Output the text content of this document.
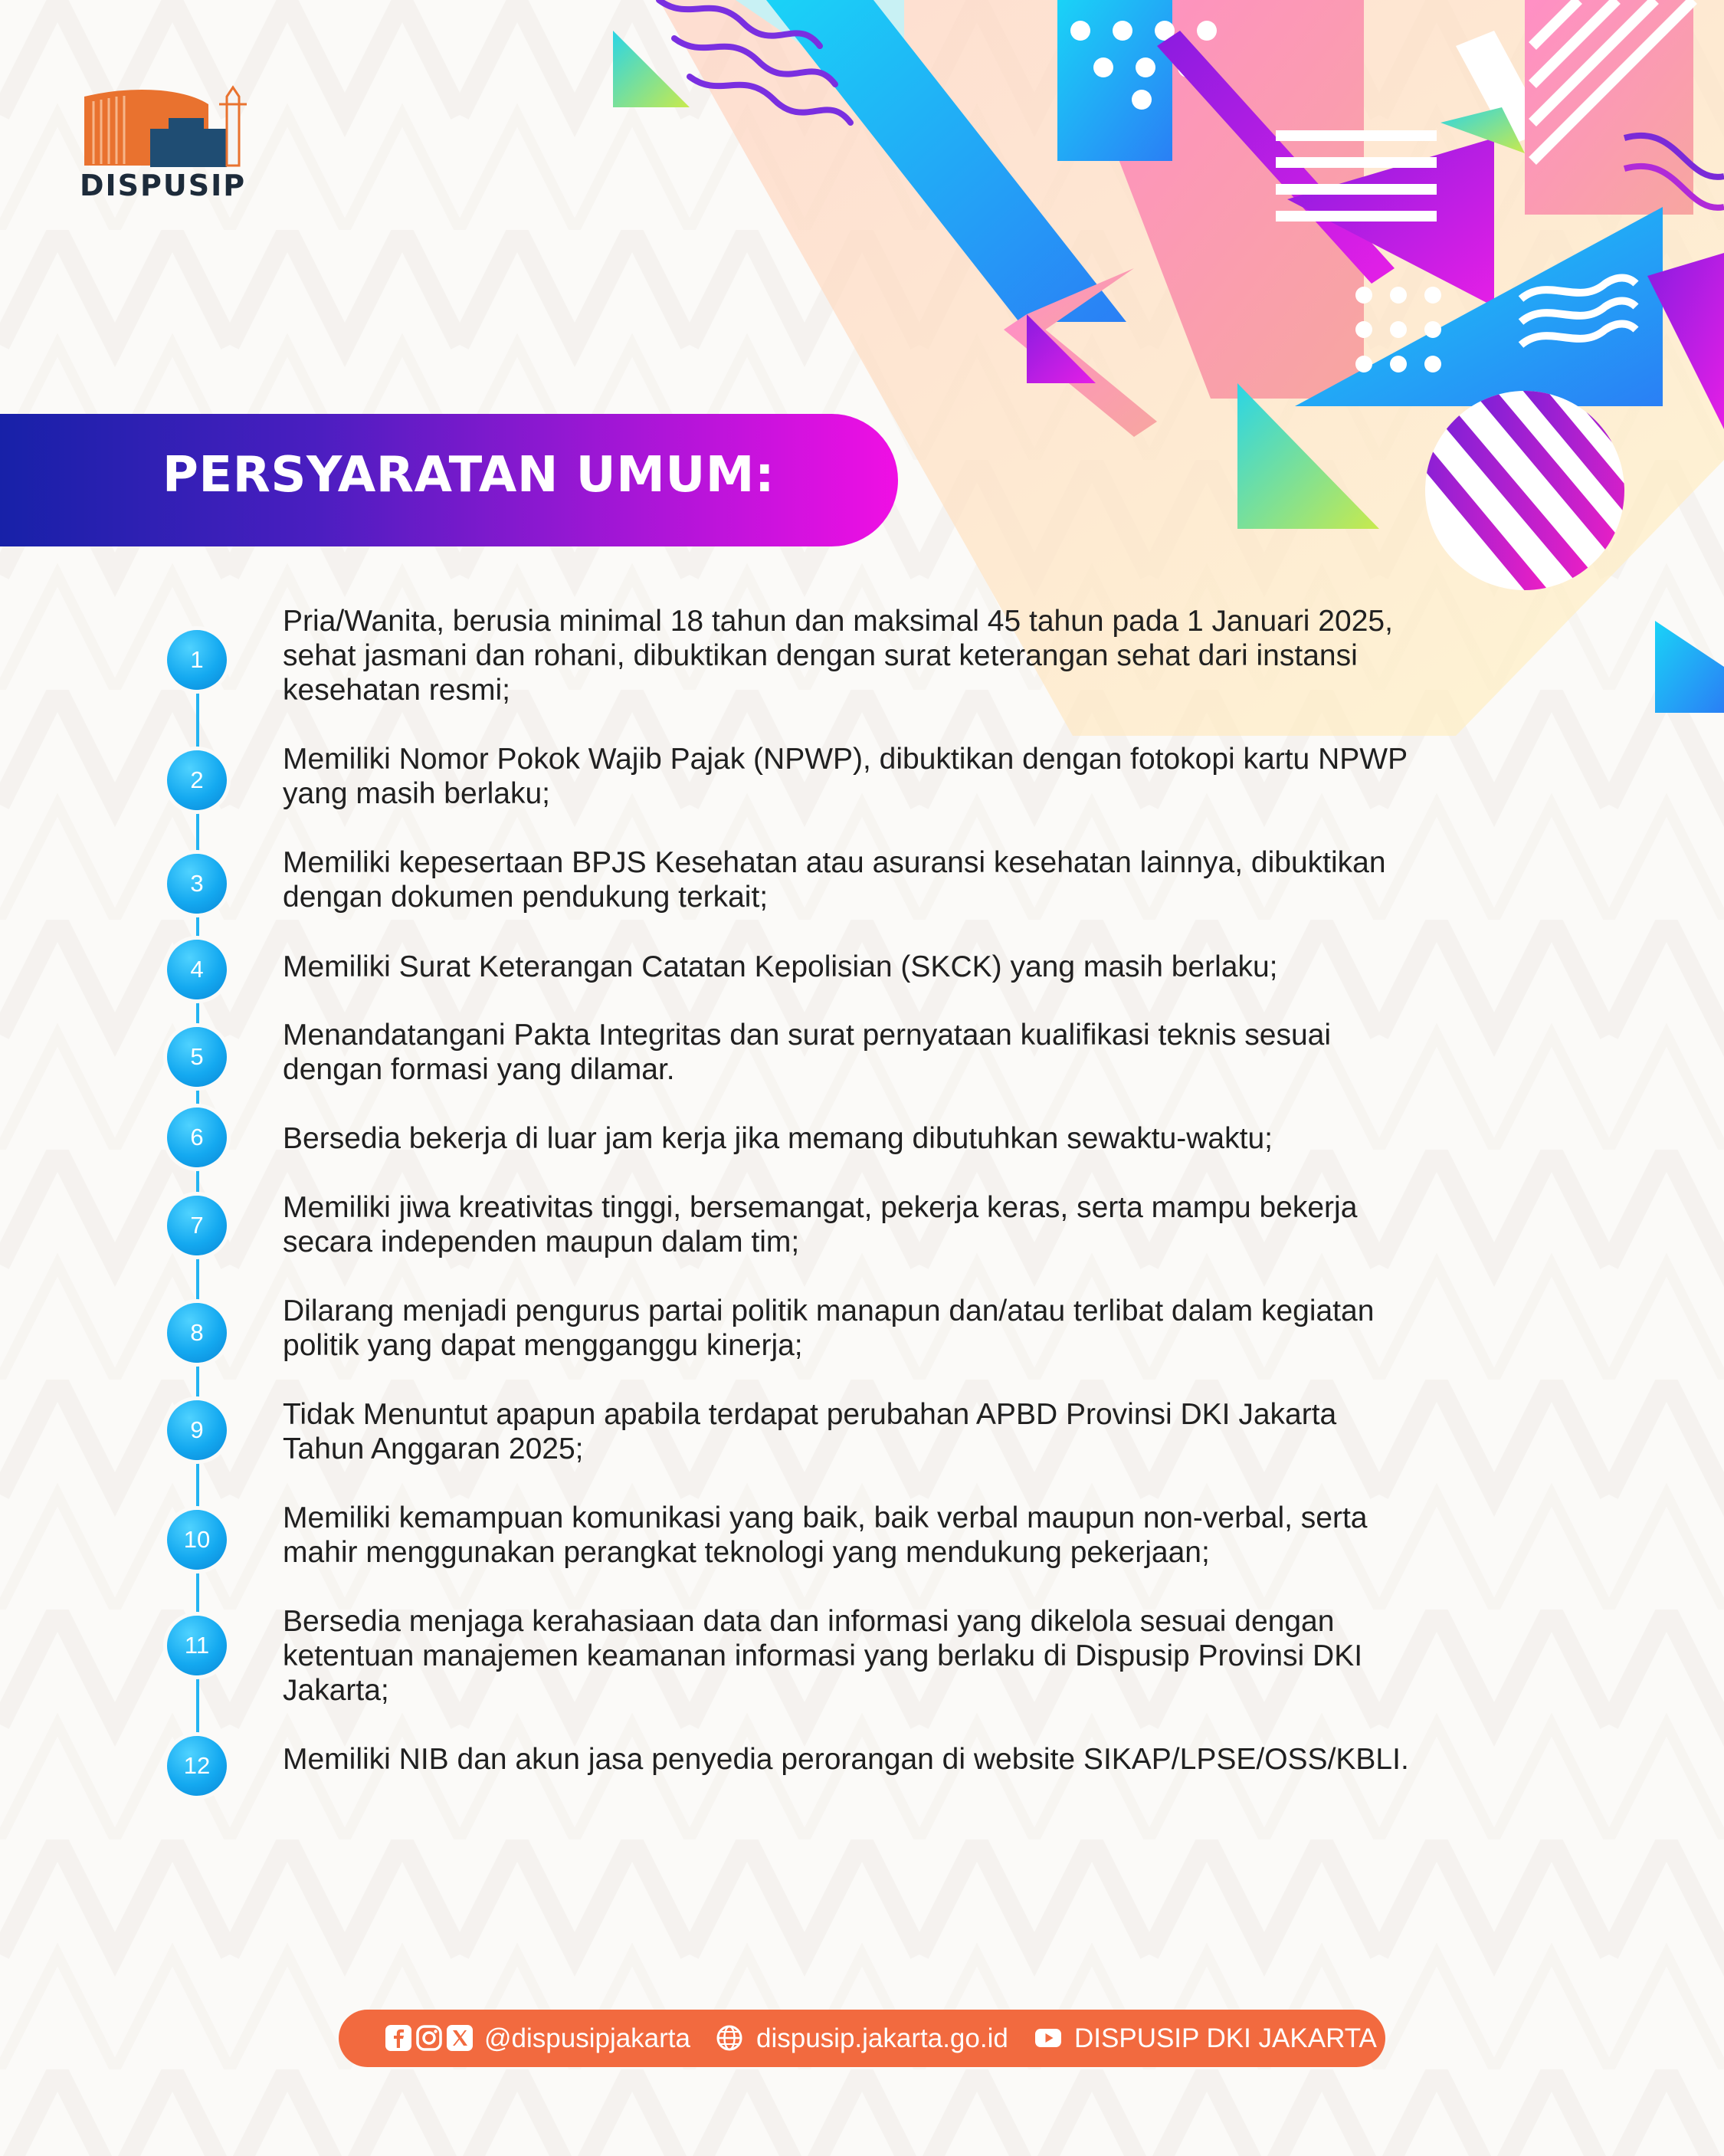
DISPUSIP
PERSYARATAN UMUM:
1
Pria/Wanita, berusia minimal 18 tahun dan maksimal 45 tahun pada 1 Januari 2025,
sehat jasmani dan rohani, dibuktikan dengan surat keterangan sehat dari instansi
kesehatan resmi;
2
Memiliki Nomor Pokok Wajib Pajak (NPWP), dibuktikan dengan fotokopi kartu NPWP
yang masih berlaku;
3
Memiliki kepesertaan BPJS Kesehatan atau asuransi kesehatan lainnya, dibuktikan
dengan dokumen pendukung terkait;
4	Memiliki Surat Keterangan Catatan Kepolisian (SKCK) yang masih berlaku;
5
Menandatangani Pakta Integritas dan surat pernyataan kualifikasi teknis sesuai
dengan formasi yang dilamar.
6	Bersedia bekerja di luar jam kerja jika memang dibutuhkan sewaktu-waktu;
7
Memiliki jiwa kreativitas tinggi, bersemangat, pekerja keras, serta mampu bekerja
secara independen maupun dalam tim;
8
Dilarang menjadi pengurus partai politik manapun dan/atau terlibat dalam kegiatan
politik yang dapat mengganggu kinerja;
9	Tidak Menuntut apapun apabila terdapat perubahan APBD Provinsi DKI Jakarta
Tahun Anggaran 2025;
10
Memiliki kemampuan komunikasi yang baik, baik verbal maupun non-verbal, serta
mahir menggunakan perangkat teknologi yang mendukung pekerjaan;
11
Bersedia menjaga kerahasiaan data dan informasi yang dikelola sesuai dengan
ketentuan manajemen keamanan informasi yang berlaku di Dispusip Provinsi DKI
Jakarta;
12	Memiliki NIB dan akun jasa penyedia perorangan di website SIKAP/LPSE/OSS/KBLI.
@dispusipjakarta dispusip.jakarta.go.id DISPUSIP DKI JAKARTA
